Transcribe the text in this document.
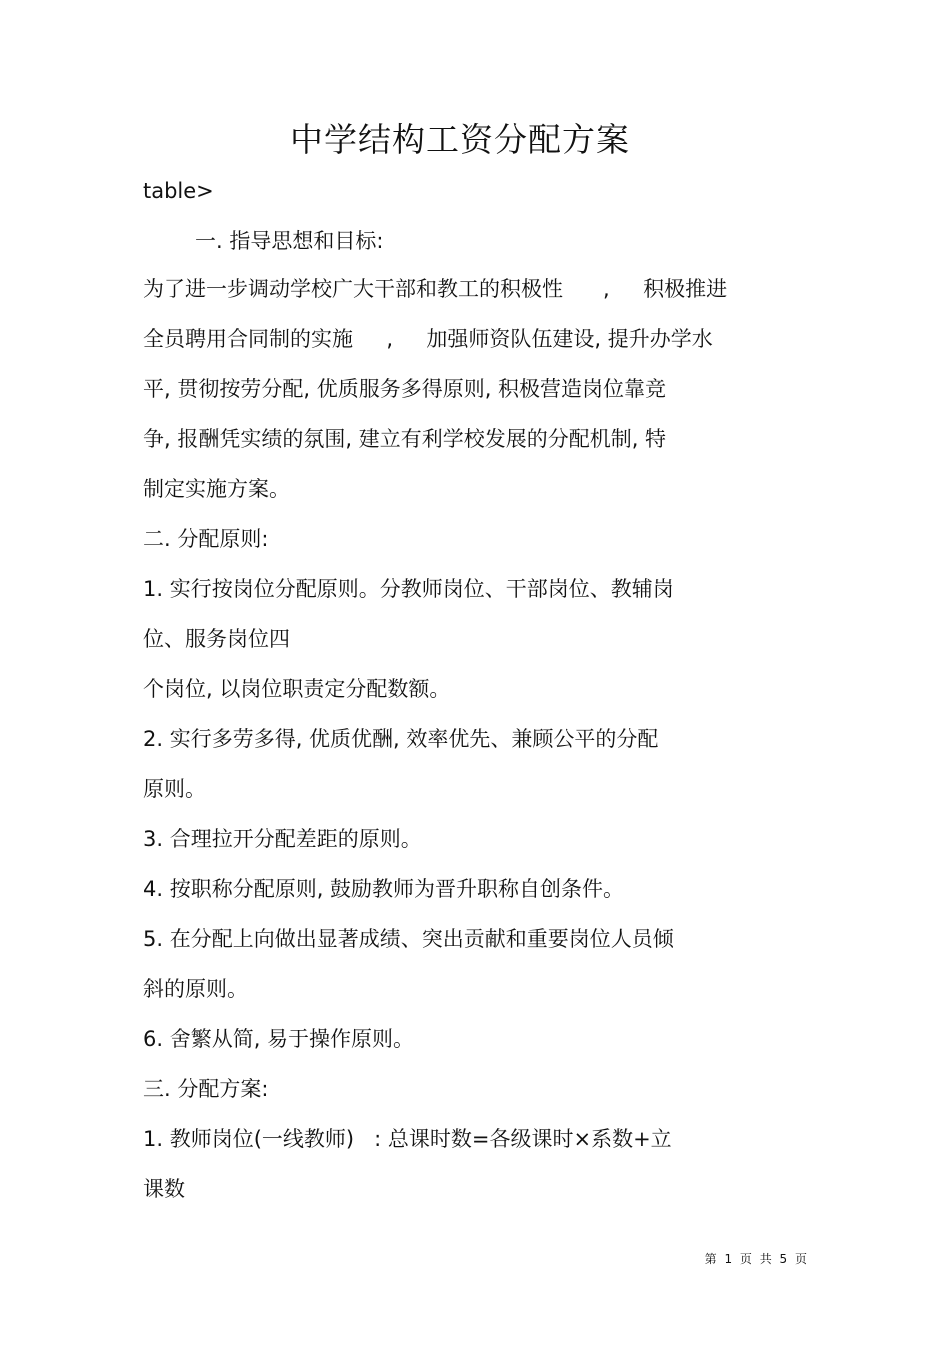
中学结构工资分配方案
table>
一. 指导思想和目标:
为了进一步调动学校广大干部和教工的积极性      ,     积极推进
全员聘用合同制的实施     ,     加强师资队伍建设, 提升办学水
平, 贯彻按劳分配, 优质服务多得原则, 积极营造岗位靠竞
争, 报酬凭实绩的氛围, 建立有利学校发展的分配机制, 特
制定实施方案。
二. 分配原则:
1. 实行按岗位分配原则。分教师岗位、干部岗位、教辅岗
位、服务岗位四
个岗位, 以岗位职责定分配数额。
2. 实行多劳多得, 优质优酬, 效率优先、兼顾公平的分配
原则。
3. 合理拉开分配差距的原则。
4. 按职称分配原则, 鼓励教师为晋升职称自创条件。
5. 在分配上向做出显著成绩、突出贡献和重要岗位人员倾
斜的原则。
6. 舍繁从简, 易于操作原则。
三. 分配方案:
1. 教师岗位(一线教师)   : 总课时数=各级课时×系数+立
课数
第 1 页 共 5 页
